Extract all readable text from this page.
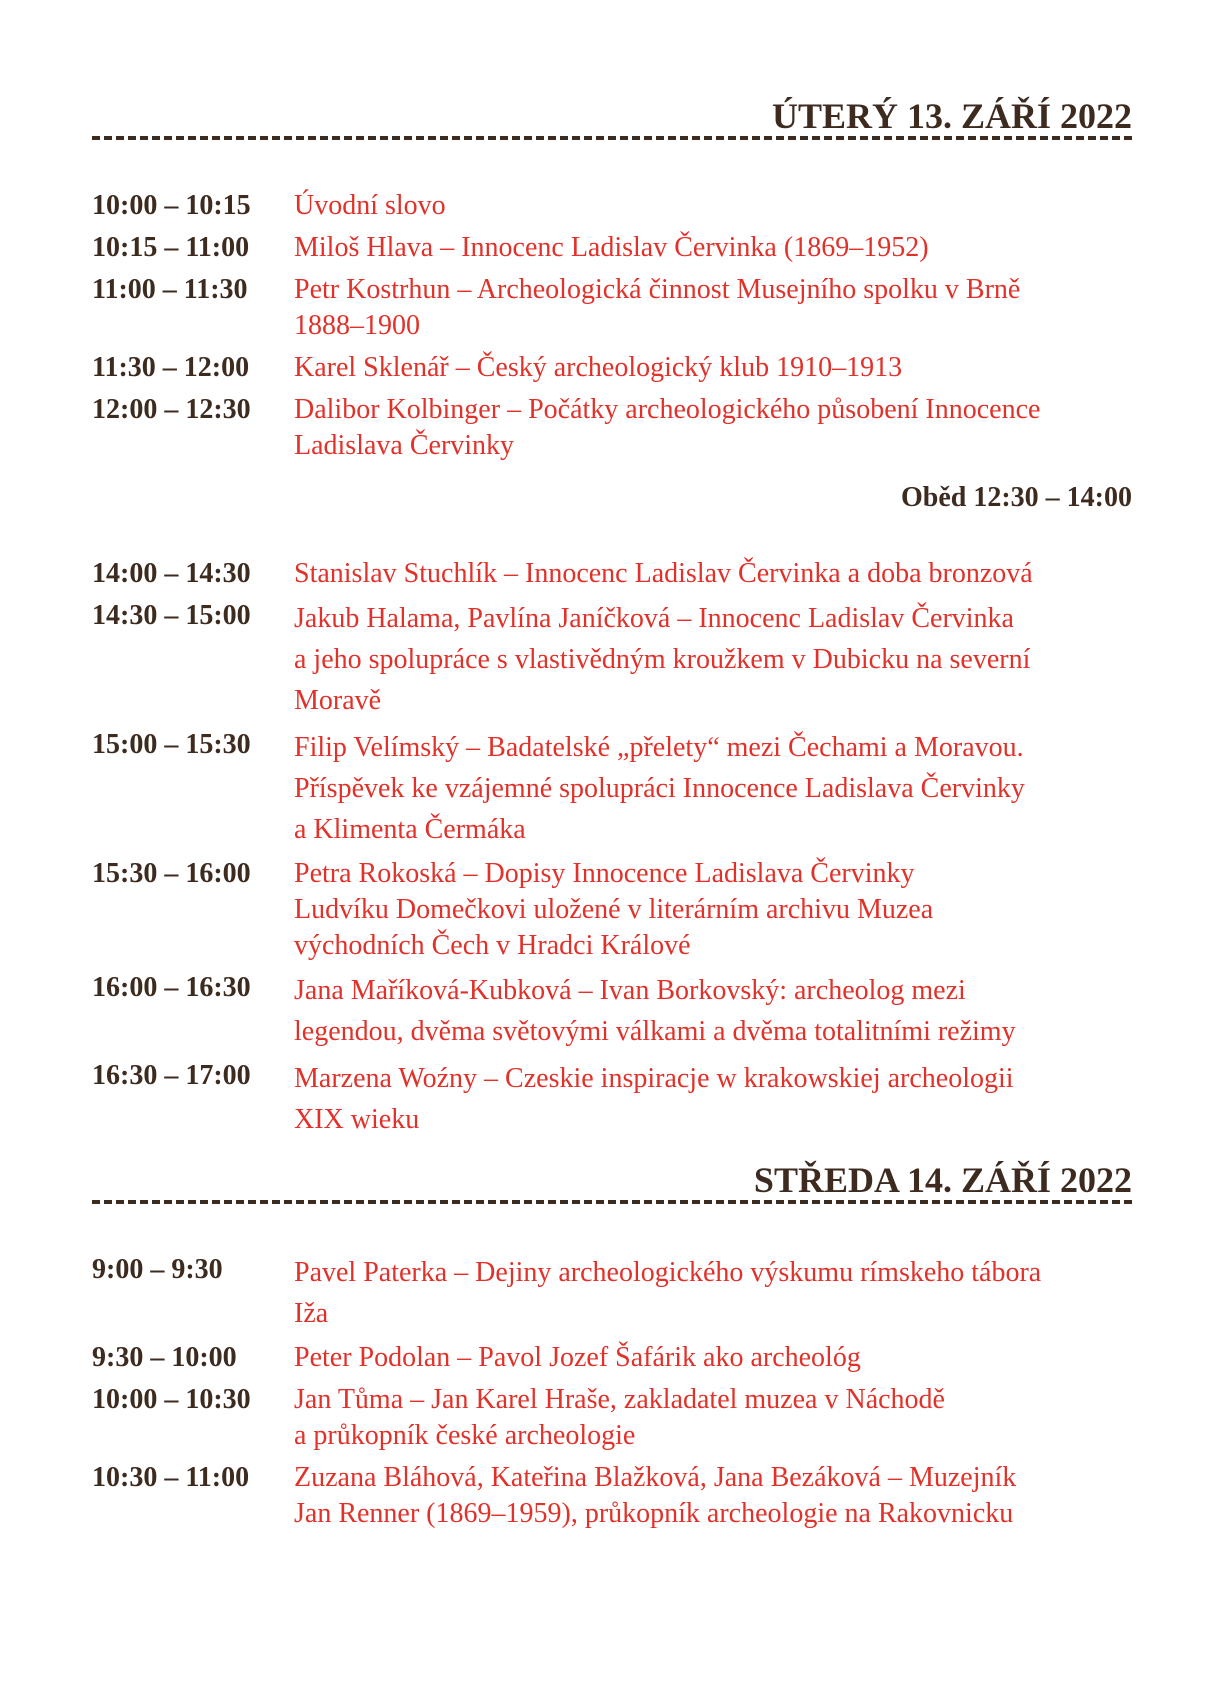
ÚTERÝ 13. ZÁŘÍ 2022
10:00 – 10:15	Úvodní slovo
10:15 – 11:00	Miloš Hlava – Innocenc Ladislav Červinka (1869–1952)
11:00 – 11:30	Petr Kostrhun – Archeologická činnost Musejního spolku v Brně
1888–1900
11:30 – 12:00	Karel Sklenář – Český archeologický klub 1910–1913
12:00 – 12:30	Dalibor Kolbinger – Počátky archeologického působení Innocence
Ladislava Červinky
Oběd 12:30 – 14:00
14:00 – 14:30	Stanislav Stuchlík – Innocenc Ladislav Červinka a doba bronzová
14:30 – 15:00	Jakub Halama, Pavlína Janíčková – Innocenc Ladislav Červinka
a jeho spolupráce s vlastivědným kroužkem v Dubicku na severní
Moravě
15:00 – 15:30	Filip Velímský – Badatelské „přelety“ mezi Čechami a Moravou.
Příspěvek ke vzájemné spolupráci Innocence Ladislava Červinky
a Klimenta Čermáka
15:30 – 16:00	Petra Rokoská – Dopisy Innocence Ladislava Červinky
Ludvíku Domečkovi uložené v literárním archivu Muzea
východních Čech v Hradci Králové
16:00 – 16:30	Jana Maříková-Kubková – Ivan Borkovský: archeolog mezi
legendou, dvěma světovými válkami a dvěma totalitními režimy
16:30 – 17:00	Marzena Woźny – Czeskie inspiracje w krakowskiej archeologii
XIX wieku
STŘEDA 14. ZÁŘÍ 2022
9:00 – 9:30	Pavel Paterka – Dejiny archeologického výskumu rímskeho tábora
Iža
9:30 – 10:00	Peter Podolan – Pavol Jozef Šafárik ako archeológ
10:00 – 10:30	Jan Tůma – Jan Karel Hraše, zakladatel muzea v Náchodě
a průkopník české archeologie
10:30 – 11:00	Zuzana Bláhová, Kateřina Blažková, Jana Bezáková – Muzejník
Jan Renner (1869–1959), průkopník archeologie na Rakovnicku
